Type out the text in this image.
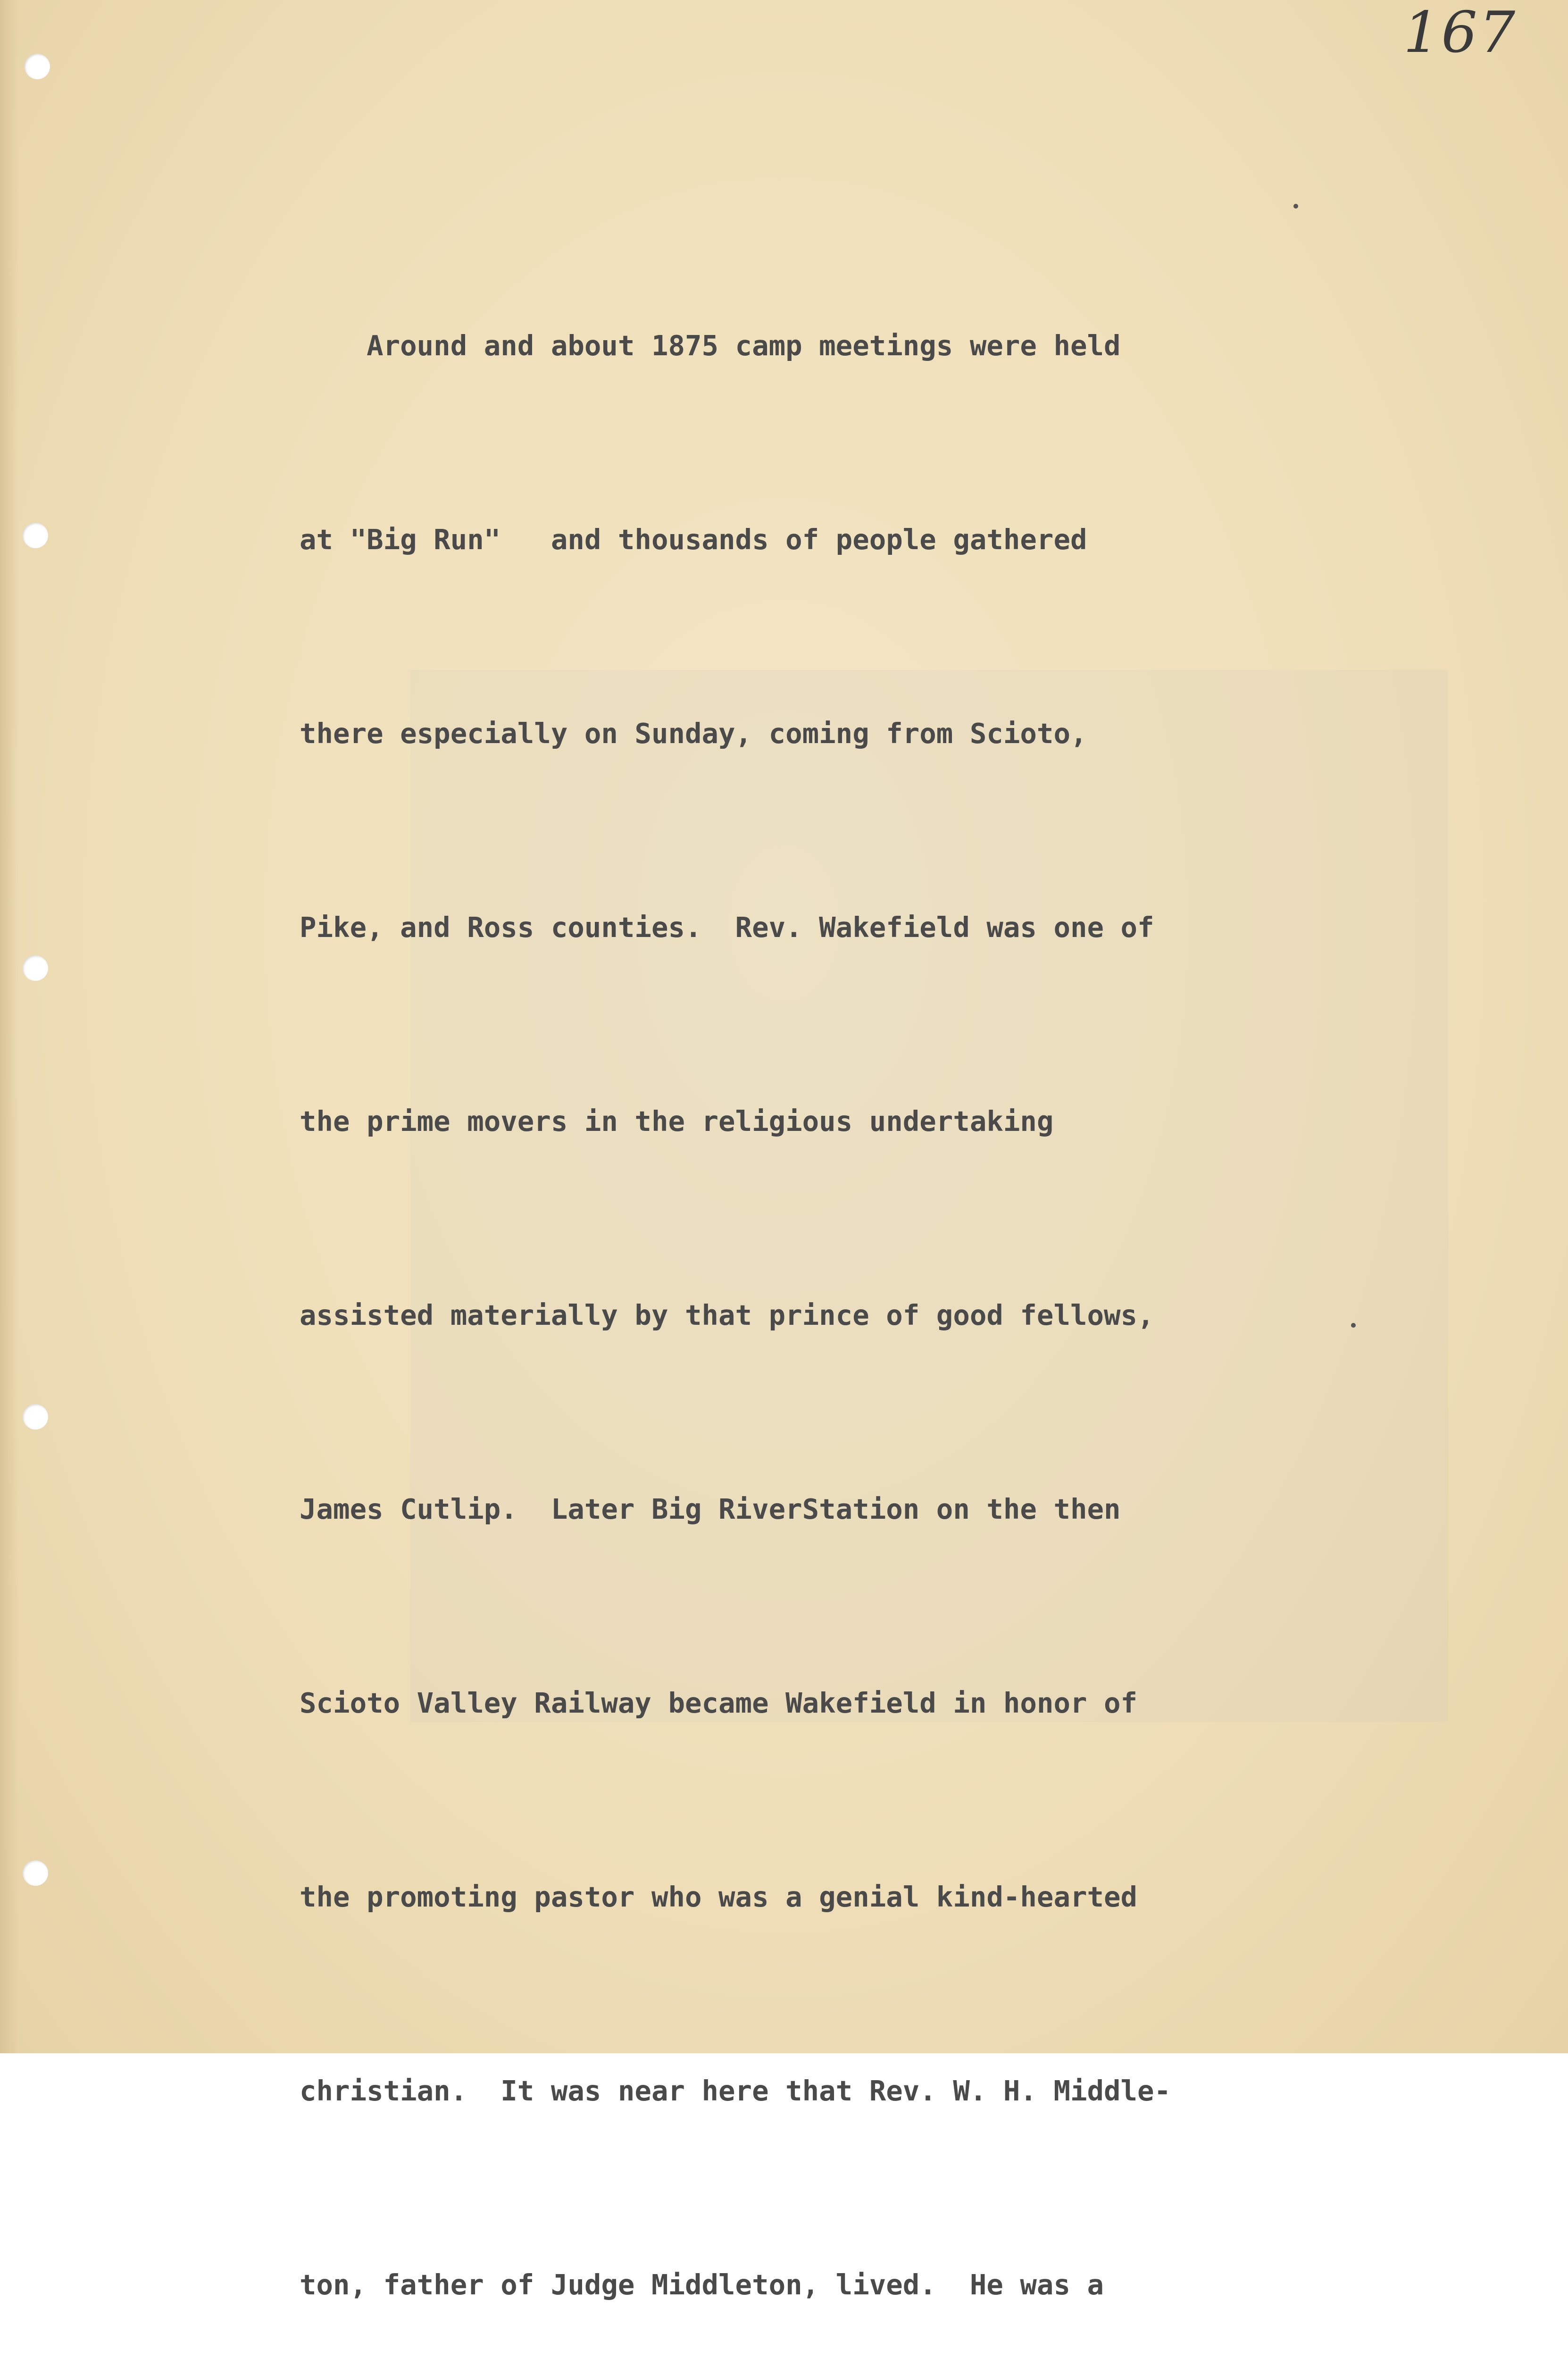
167

Around and about 1875 camp meetings were held

at "Big Run"   and thousands of people gathered

there especially on Sunday, coming from Scioto,

Pike, and Ross counties.  Rev. Wakefield was one of

the prime movers in the religious undertaking

assisted materially by that prince of good fellows,

James Cutlip.  Later Big RiverStation on the then

Scioto Valley Railway became Wakefield in honor of

the promoting pastor who was a genial kind-hearted

christian.  It was near here that Rev. W. H. Middle-

ton, father of Judge Middleton, lived.  He was a
